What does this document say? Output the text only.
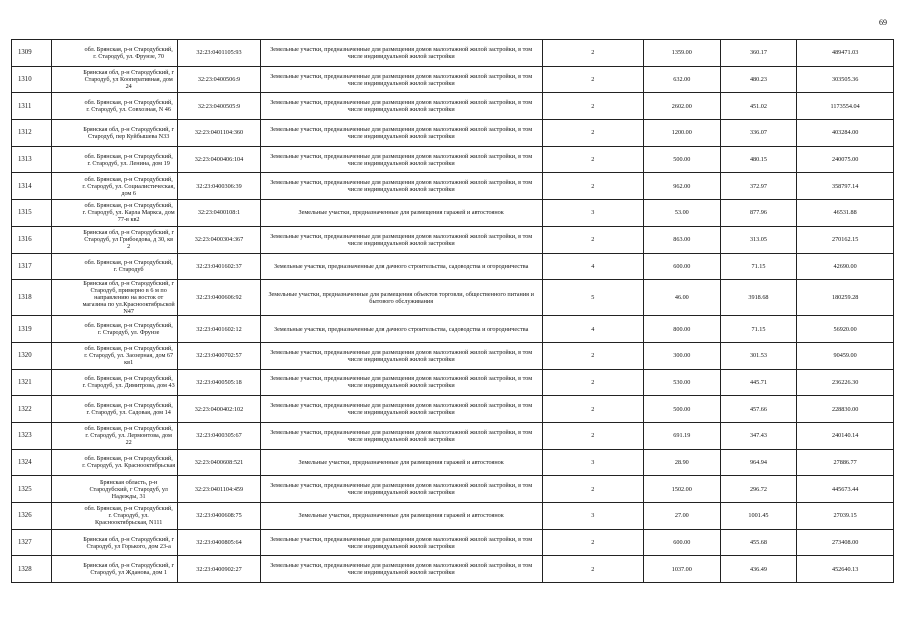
69
1309	обл. Брянская, р-н Стародубский, г. Стародуб, ул. Фрунзе, 70	32:23:0401105:93	Земельные участки, предназначенные для размещения домов малоэтажной жилой застройки, в том числе индивидуальной жилой застройки	2	1359.00	360.17	489471.03
1310	Брянская обл, р-н Стародубский, г Стародуб, ул Кооперативная, дом 24	32:23:0400506:9	Земельные участки, предназначенные для размещения домов малоэтажной жилой застройки, в том числе индивидуальной жилой застройки	2	632.00	480.23	303505.36
1311	обл. Брянская, р-н Стародубский, г. Стародуб, ул. Совхозная, N 46	32:23:0400505:9	Земельные участки, предназначенные для размещения домов малоэтажной жилой застройки, в том числе индивидуальной жилой застройки	2	2602.00	451.02	1173554.04
1312	Брянская обл, р-н Стародубский, г Стародуб, пер Куйбышева N33	32:23:0401104:360	Земельные участки, предназначенные для размещения домов малоэтажной жилой застройки, в том числе индивидуальной жилой застройки	2	1200.00	336.07	403284.00
1313	обл. Брянская, р-н Стародубский, г. Стародуб, ул. Ленина, дом 19	32:23:0400406:104	Земельные участки, предназначенные для размещения домов малоэтажной жилой застройки, в том числе индивидуальной жилой застройки	2	500.00	480.15	240075.00
1314	обл. Брянская, р-н Стародубский, г. Стародуб, ул. Социалистическая, дом 6	32:23:0400306:39	Земельные участки, предназначенные для размещения домов малоэтажной жилой застройки, в том числе индивидуальной жилой застройки	2	962.00	372.97	358797.14
1315	обл. Брянская, р-н Стародубский, г. Стародуб, ул. Карла Маркса, дом 77-в кв2	32:23:0400108:1	Земельные участки, предназначенные для размещения гаражей и автостоянок	3	53.00	877.96	46531.88
1316	Брянская обл, р-н Стародубский, г Стародуб, ул Грибоедова, д 30, кв 2	32:23:0400304:367	Земельные участки, предназначенные для размещения домов малоэтажной жилой застройки, в том числе индивидуальной жилой застройки	2	863.00	313.05	270162.15
1317	обл. Брянская, р-н Стародубский, г. Стародуб	32:23:0401602:37	Земельные участки, предназначенные для дачного строительства, садоводства и огородничества	4	600.00	71.15	42690.00
1318	Брянская обл, р-н Стародубский, г Стародуб, примерно в 6 м по направлению на восток от магазина по ул.Краснооктябрьской N47	32:23:0400606:92	Земельные участки, предназначенные для размещения объектов торговли, общественного питания и бытового обслуживания	5	46.00	3918.68	180259.28
1319	обл. Брянская, р-н Стародубский, г. Стародуб, ул. Фрунзе	32:23:0401602:12	Земельные участки, предназначенные для дачного строительства, садоводства и огородничества	4	800.00	71.15	56920.00
1320	обл. Брянская, р-н Стародубский, г. Стародуб, ул. Заозерная, дом 67 кв1	32:23:0400702:57	Земельные участки, предназначенные для размещения домов малоэтажной жилой застройки, в том числе индивидуальной жилой застройки	2	300.00	301.53	90459.00
1321	обл. Брянская, р-н Стародубский, г. Стародуб, ул. Димитрова, дом 43	32:23:0400505:18	Земельные участки, предназначенные для размещения домов малоэтажной жилой застройки, в том числе индивидуальной жилой застройки	2	530.00	445.71	236226.30
1322	обл. Брянская, р-н Стародубский, г. Стародуб, ул. Садовая, дом 14	32:23:0400402:102	Земельные участки, предназначенные для размещения домов малоэтажной жилой застройки, в том числе индивидуальной жилой застройки	2	500.00	457.66	228830.00
1323	обл. Брянская, р-н Стародубский, г. Стародуб, ул. Лермонтова, дом 22	32:23:0400305:67	Земельные участки, предназначенные для размещения домов малоэтажной жилой застройки, в том числе индивидуальной жилой застройки	2	691.19	347.43	240140.14
1324	обл. Брянская, р-н Стародубский, г. Стародуб, ул. Краснооктябрьская	32:23:0400608:521	Земельные участки, предназначенные для размещения гаражей и автостоянок	3	28.90	964.94	27886.77
1325	Брянская область, р-н Стародубский, г Стародуб, ул Надежды, 31	32:23:0401104:459	Земельные участки, предназначенные для размещения домов малоэтажной жилой застройки, в том числе индивидуальной жилой застройки	2	1502.00	296.72	445673.44
1326	обл. Брянская, р-н Стародубский, г. Стародуб, ул. Краснооктябрьская, N111	32:23:0400608:75	Земельные участки, предназначенные для размещения гаражей и автостоянок	3	27.00	1001.45	27039.15
1327	Брянская обл, р-н Стародубский, г Стародуб, ул Горького, дом 23-а	32:23:0400805:64	Земельные участки, предназначенные для размещения домов малоэтажной жилой застройки, в том числе индивидуальной жилой застройки	2	600.00	455.68	273408.00
1328	Брянская обл, р-н Стародубский, г Стародуб, ул Жданова, дом 1	32:23:0400902:27	Земельные участки, предназначенные для размещения домов малоэтажной жилой застройки, в том числе индивидуальной жилой застройки	2	1037.00	436.49	452640.13
